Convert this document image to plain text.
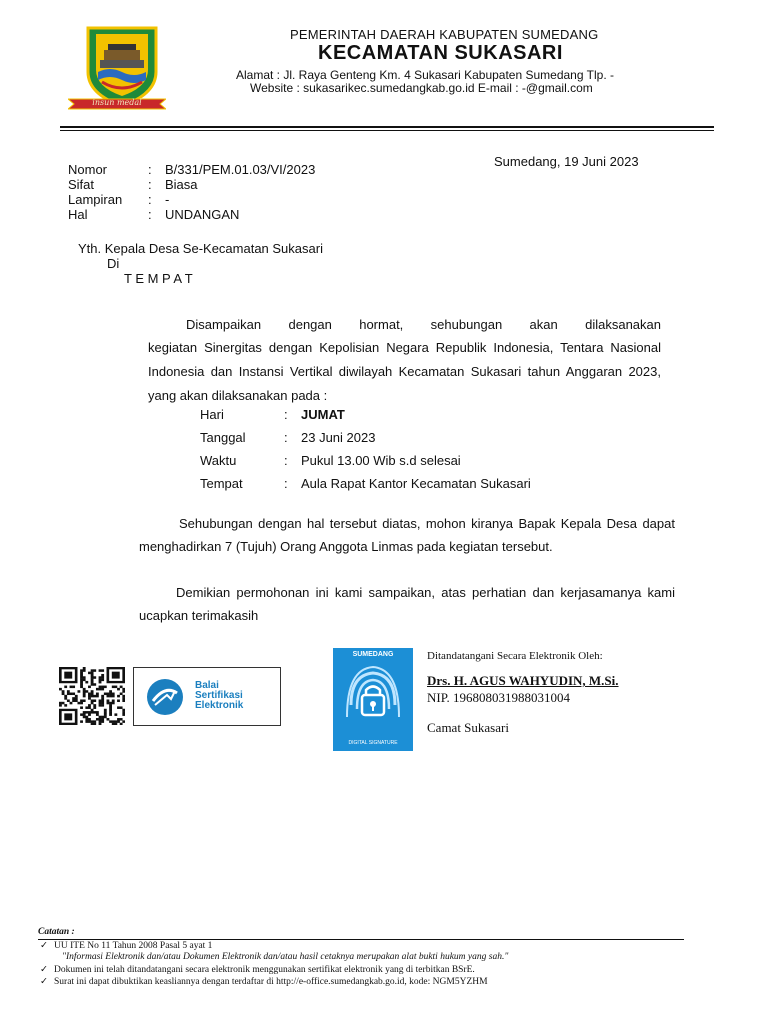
insun medal
PEMERINTAH DAERAH KABUPATEN SUMEDANG
KECAMATAN SUKASARI
Alamat : Jl. Raya Genteng Km. 4 Sukasari Kabupaten Sumedang Tlp. -
Website : sukasarikec.sumedangkab.go.id E-mail : -@gmail.com
Sumedang, 19 Juni 2023
Nomor	: B/331/PEM.01.03/VI/2023
Sifat	: Biasa
Lampiran : -
Hal	: UNDANGAN
Yth. Kepala Desa Se-Kecamatan Sukasari
Di
T E M P A T
Disampaikan dengan hormat, sehubungan akan dilaksanakan
kegiatan Sinergitas dengan Kepolisian Negara Republik Indonesia, Tentara Nasional Indonesia dan Instansi Vertikal diwilayah Kecamatan Sukasari tahun Anggaran 2023, yang akan dilaksanakan pada :
Hari	: JUMAT
Tanggal	: 23 Juni 2023
Waktu	: Pukul 13.00 Wib s.d selesai
Tempat	: Aula Rapat Kantor Kecamatan Sukasari
Sehubungan dengan hal tersebut diatas, mohon kiranya Bapak Kepala Desa dapat menghadirkan 7 (Tujuh) Orang Anggota Linmas pada kegiatan tersebut.
Demikian permohonan ini kami sampaikan, atas perhatian dan kerjasamanya kami ucapkan terimakasih
Balai
Sertifikasi
Elektronik
SUMEDANG
DIGITAL SIGNATURE
Ditandatangani Secara Elektronik Oleh:
Drs. H. AGUS WAHYUDIN, M.Si.
NIP. 196808031988031004
Camat Sukasari
Catatan :
✓ UU ITE No 11 Tahun 2008 Pasal 5 ayat 1
"Informasi Elektronik dan/atau Dokumen Elektronik dan/atau hasil cetaknya merupakan alat bukti hukum yang sah."
✓ Dokumen ini telah ditandatangani secara elektronik menggunakan sertifikat elektronik yang di terbitkan BSrE.
✓ Surat ini dapat dibuktikan keasliannya dengan terdaftar di http://e-office.sumedangkab.go.id, kode: NGM5YZHM
